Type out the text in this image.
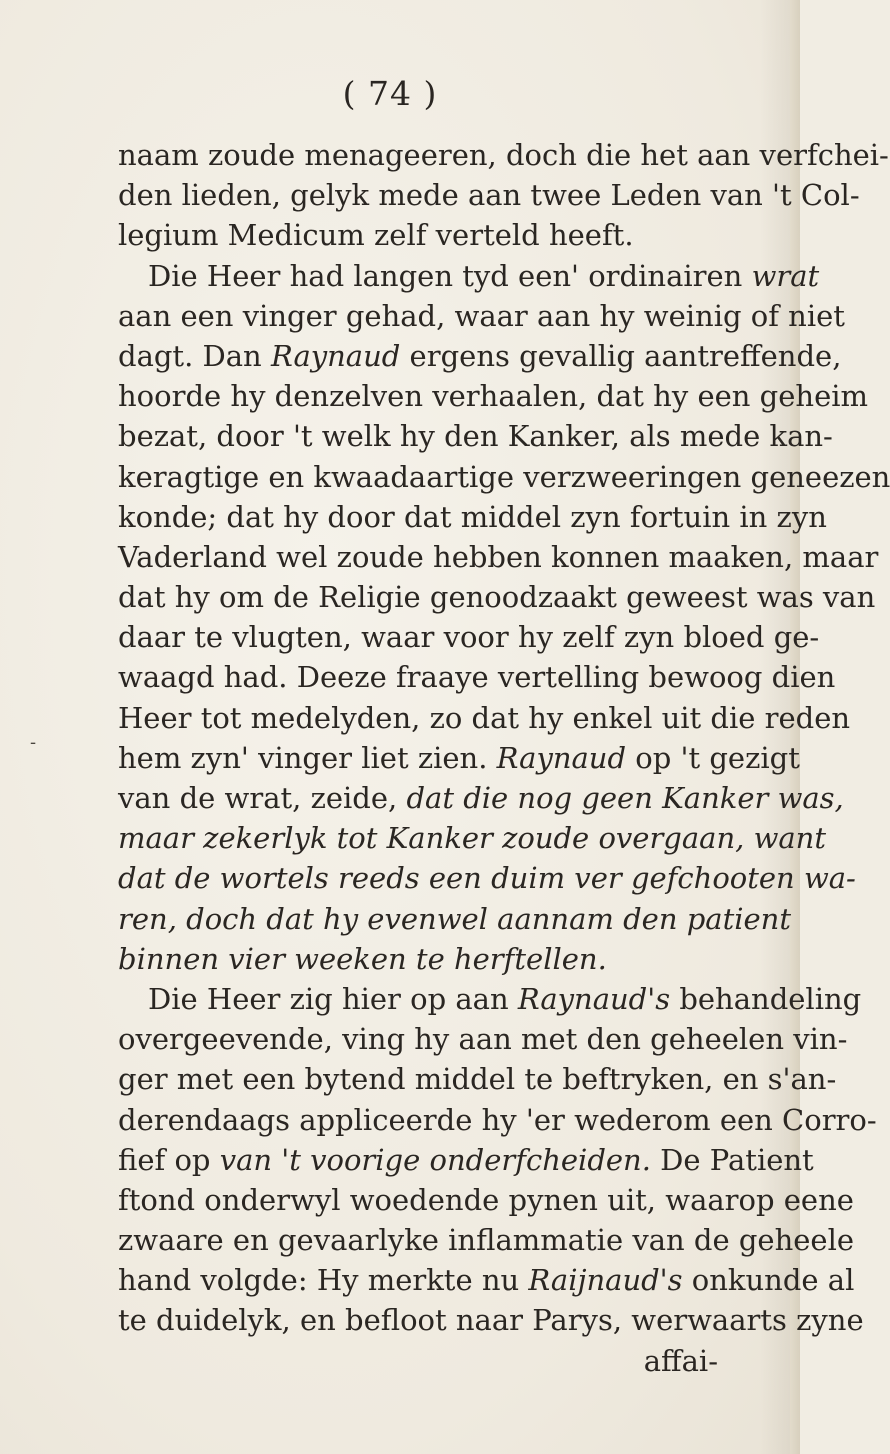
( 74 )
naam zoude menageeren, doch die het aan verfchei-
den lieden, gelyk mede aan twee Leden van 't Col-
legium Medicum zelf verteld heeft.
Die Heer had langen tyd een' ordinairen wrat
aan een vinger gehad, waar aan hy weinig of niet
dagt. Dan Raynaud ergens gevallig aantreffende,
hoorde hy denzelven verhaalen, dat hy een geheim
bezat, door 't welk hy den Kanker, als mede kan-
keragtige en kwaadaartige verzweeringen geneezen
konde; dat hy door dat middel zyn fortuin in zyn
Vaderland wel zoude hebben konnen maaken, maar
dat hy om de Religie genoodzaakt geweest was van
daar te vlugten, waar voor hy zelf zyn bloed ge-
waagd had. Deeze fraaye vertelling bewoog dien
Heer tot medelyden, zo dat hy enkel uit die reden
hem zyn' vinger liet zien. Raynaud op 't gezigt
van de wrat, zeide, dat die nog geen Kanker was,
maar zekerlyk tot Kanker zoude overgaan, want
dat de wortels reeds een duim ver gefchooten wa-
ren, doch dat hy evenwel aannam den patient
binnen vier weeken te herftellen.
Die Heer zig hier op aan Raynaud's behandeling
overgeevende, ving hy aan met den geheelen vin-
ger met een bytend middel te beftryken, en s'an-
derendaags appliceerde hy 'er wederom een Corro-
fief op van 't voorige onderfcheiden. De Patient
ftond onderwyl woedende pynen uit, waarop eene
zwaare en gevaarlyke inflammatie van de geheele
hand volgde: Hy merkte nu Raijnaud's onkunde al
te duidelyk, en befloot naar Parys, werwaarts zyne
affai-
-
